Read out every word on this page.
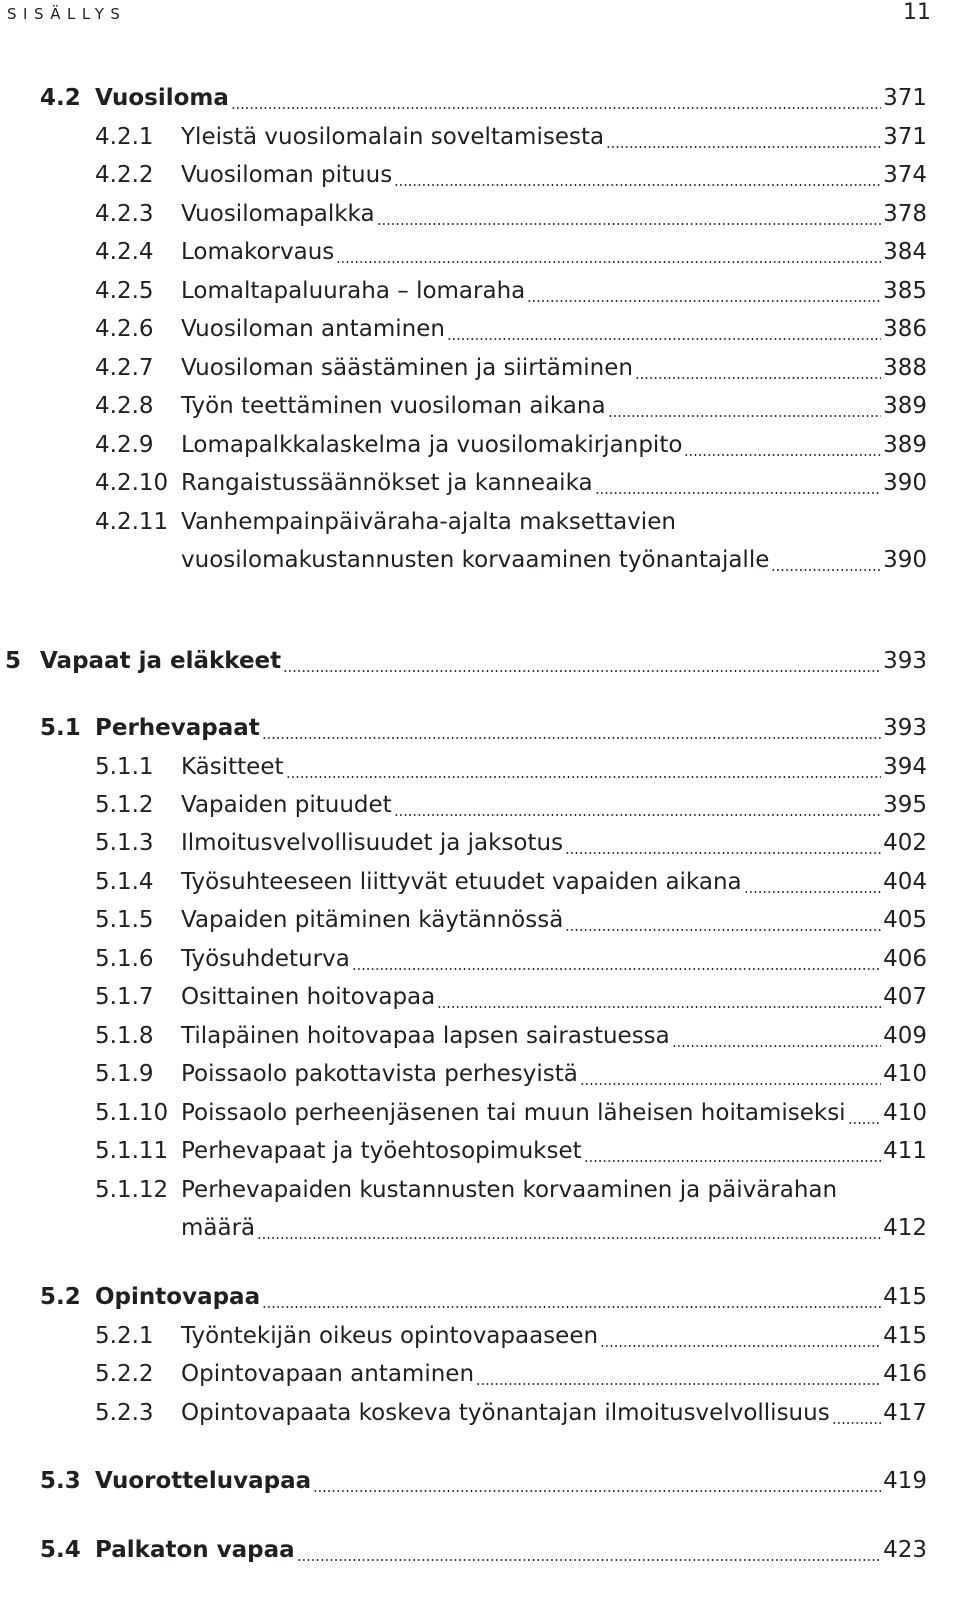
SISÄLLYS	11
4.2 Vuosiloma	371
4.2.1 Yleistä vuosilomalain soveltamisesta	371
4.2.2 Vuosiloman pituus	374
4.2.3 Vuosilomapalkka	378
4.2.4 Lomakorvaus	384
4.2.5 Lomaltapaluuraha – lomaraha	385
4.2.6 Vuosiloman antaminen	386
4.2.7 Vuosiloman säästäminen ja siirtäminen	388
4.2.8 Työn teettäminen vuosiloman aikana	389
4.2.9 Lomapalkkalaskelma ja vuosilomakirjanpito	389
4.2.10 Rangaistussäännökset ja kanneaika	390
4.2.11 Vanhempainpäiväraha-ajalta maksettavien
vuosilomakustannusten korvaaminen työnantajalle	390
5 Vapaat ja eläkkeet	393
5.1 Perhevapaat	393
5.1.1 Käsitteet	394
5.1.2 Vapaiden pituudet	395
5.1.3 Ilmoitusvelvollisuudet ja jaksotus	402
5.1.4 Työsuhteeseen liittyvät etuudet vapaiden aikana	404
5.1.5 Vapaiden pitäminen käytännössä	405
5.1.6 Työsuhdeturva	406
5.1.7 Osittainen hoitovapaa	407
5.1.8 Tilapäinen hoitovapaa lapsen sairastuessa	409
5.1.9 Poissaolo pakottavista perhesyistä	410
5.1.10 Poissaolo perheenjäsenen tai muun läheisen hoitamiseksi 410
5.1.11 Perhevapaat ja työehtosopimukset	411
5.1.12 Perhevapaiden kustannusten korvaaminen ja päivärahan
määrä	412
5.2 Opintovapaa	415
5.2.1 Työntekijän oikeus opintovapaaseen	415
5.2.2 Opintovapaan antaminen	416
5.2.3 Opintovapaata koskeva työnantajan ilmoitusvelvollisuus 417
5.3 Vuorotteluvapaa	419
5.4 Palkaton vapaa	423
